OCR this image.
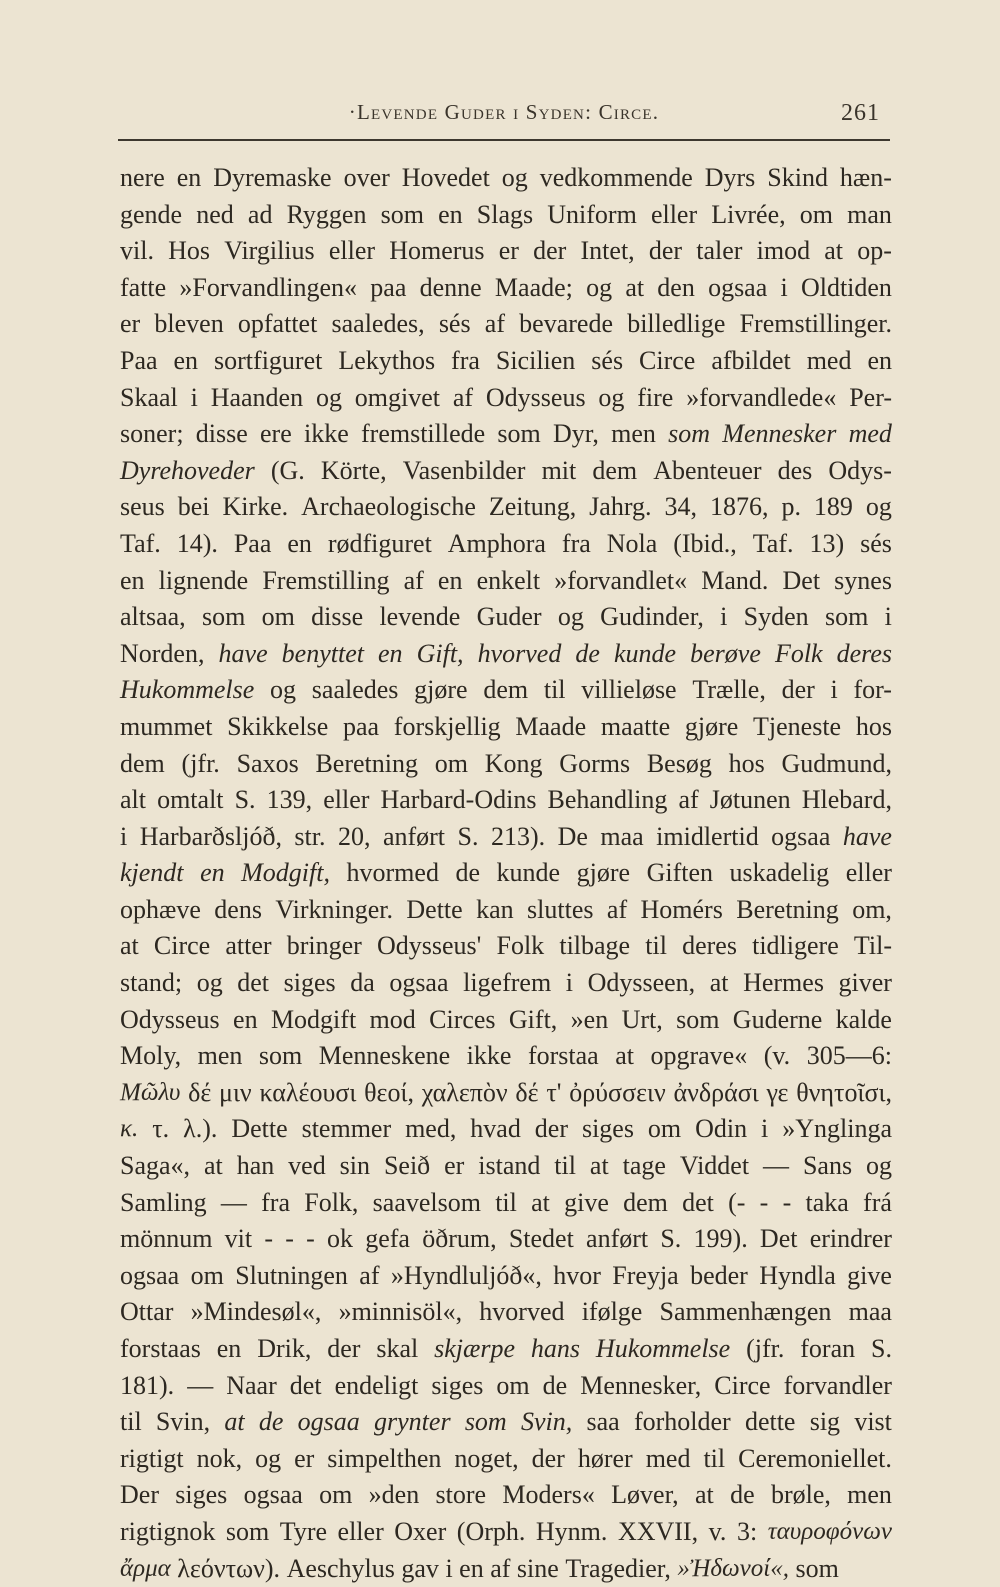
·Levende Guder i Syden: Circe.	261
nere en Dyremaske over Hovedet og vedkommende Dyrs Skind hæn-
gende ned ad Ryggen som en Slags Uniform eller Livrée, om man
vil. Hos Virgilius eller Homerus er der Intet, der taler imod at op-
fatte »Forvandlingen« paa denne Maade; og at den ogsaa i Oldtiden
er bleven opfattet saaledes, sés af bevarede billedlige Fremstillinger.
Paa en sortfiguret Lekythos fra Sicilien sés Circe afbildet med en
Skaal i Haanden og omgivet af Odysseus og fire »forvandlede« Per-
soner; disse ere ikke fremstillede som Dyr, men som Mennesker med
Dyrehoveder (G. Körte, Vasenbilder mit dem Abenteuer des Odys-
seus bei Kirke. Archaeologische Zeitung, Jahrg. 34, 1876, p. 189 og
Taf. 14). Paa en rødfiguret Amphora fra Nola (Ibid., Taf. 13) sés
en lignende Fremstilling af en enkelt »forvandlet« Mand. Det synes
altsaa, som om disse levende Guder og Gudinder, i Syden som i
Norden, have benyttet en Gift, hvorved de kunde berøve Folk deres
Hukommelse og saaledes gjøre dem til villieløse Trælle, der i for-
mummet Skikkelse paa forskjellig Maade maatte gjøre Tjeneste hos
dem (jfr. Saxos Beretning om Kong Gorms Besøg hos Gudmund,
alt omtalt S. 139, eller Harbard-Odins Behandling af Jøtunen Hlebard,
i Harbarðsljóð, str. 20, anført S. 213). De maa imidlertid ogsaa have
kjendt en Modgift, hvormed de kunde gjøre Giften uskadelig eller
ophæve dens Virkninger. Dette kan sluttes af Homérs Beretning om,
at Circe atter bringer Odysseus' Folk tilbage til deres tidligere Til-
stand; og det siges da ogsaa ligefrem i Odysseen, at Hermes giver
Odysseus en Modgift mod Circes Gift, »en Urt, som Guderne kalde
Moly, men som Menneskene ikke forstaa at opgrave« (v. 305—6:
Μῶλυ δέ μιν καλέουσι θεοί, χαλεπὸν δέ τ' ὀρύσσειν ἀνδράσι γε θνητοῖσι,
κ. τ. λ.). Dette stemmer med, hvad der siges om Odin i »Ynglinga
Saga«, at han ved sin Seið er istand til at tage Viddet — Sans og
Samling — fra Folk, saavelsom til at give dem det (- - - taka frá
mönnum vit - - - ok gefa öðrum, Stedet anført S. 199). Det erindrer
ogsaa om Slutningen af »Hyndluljóð«, hvor Freyja beder Hyndla give
Ottar »Mindesøl«, »minnisöl«, hvorved ifølge Sammenhængen maa
forstaas en Drik, der skal skjærpe hans Hukommelse (jfr. foran S.
181). — Naar det endeligt siges om de Mennesker, Circe forvandler
til Svin, at de ogsaa grynter som Svin, saa forholder dette sig vist
rigtigt nok, og er simpelthen noget, der hører med til Ceremoniellet.
Der siges ogsaa om »den store Moders« Løver, at de brøle, men
rigtignok som Tyre eller Oxer (Orph. Hynm. XXVII, v. 3: ταυροφόνων
ἄρμα
λεόντων).
Aeschylus
gav
i
en
af
sine
Tragedier,
»Ἠδωνοί«,
som
